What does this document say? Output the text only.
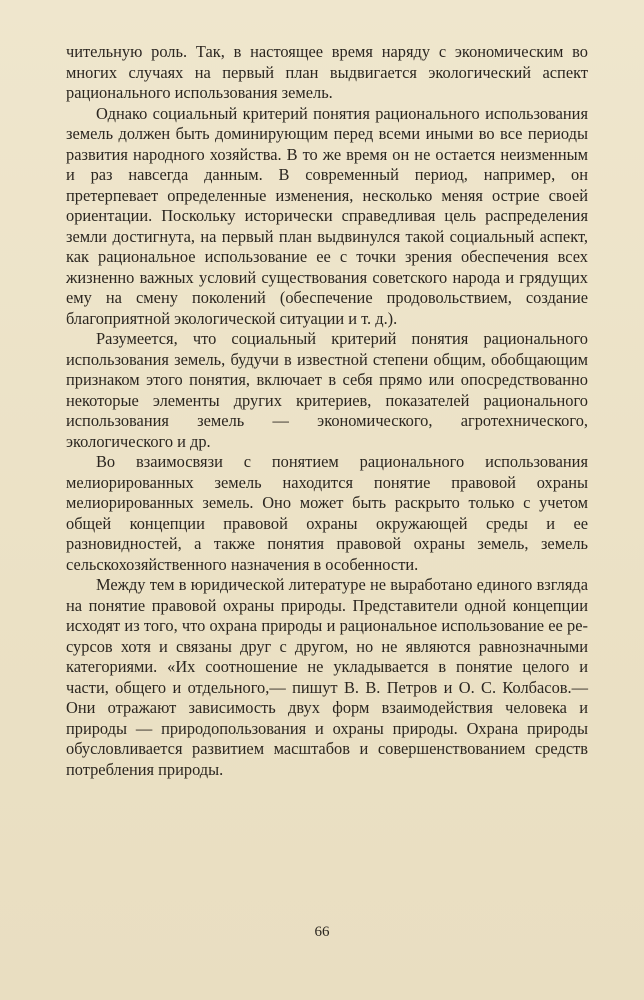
чительную роль. Так, в настоящее время наряду с экономическим во многих случаях на первый план выдвигается экологический аспект рационального использования земель.

Однако социальный критерий понятия рационального использования земель должен быть доминирующим перед всеми иными во все периоды развития народного хозяйства. В то же время он не остается неизменным и раз навсегда данным. В современный период, например, он претерпевает определенные изменения, несколько меняя острие своей ориентации. Поскольку исторически справедливая цель распределения земли достигнута, на первый план выдвинулся такой социальный аспект, как рациональное использование ее с точки зрения обеспечения всех жизненно важных условий существования советского народа и грядущих ему на смену поколений (обеспечение продовольствием, создание благоприятной экологической ситуации и т. д.).

Разумеется, что социальный критерий понятия рационального использования земель, будучи в известной степени общим, обобщающим признаком этого понятия, включает в себя прямо или опосредствованно некоторые элементы других критериев, показателей рационального использования земель — экономического, агротехнического, экологического и др.

Во взаимосвязи с понятием рационального использования мелиорированных земель находится понятие правовой охраны мелиорированных земель. Оно может быть раскрыто только с учетом общей концепции правовой охраны окружающей среды и ее разновидностей, а также понятия правовой охраны земель, земель сельскохозяйственного назначения в особенности.

Между тем в юридической литературе не выработано единого взгляда на понятие правовой охраны природы. Представители одной концепции исходят из того, что охрана природы и рациональное использование ее ресурсов хотя и связаны друг с другом, но не являются равнозначными категориями. «Их соотношение не укладывается в понятие целого и части, общего и отдельного,— пишут В. В. Петров и О. С. Колбасов.— Они отражают зависимость двух форм взаимодействия человека и природы — природопользования и охраны природы. Охрана природы обусловливается развитием масштабов и совершенствованием средств потребления природы.

66
